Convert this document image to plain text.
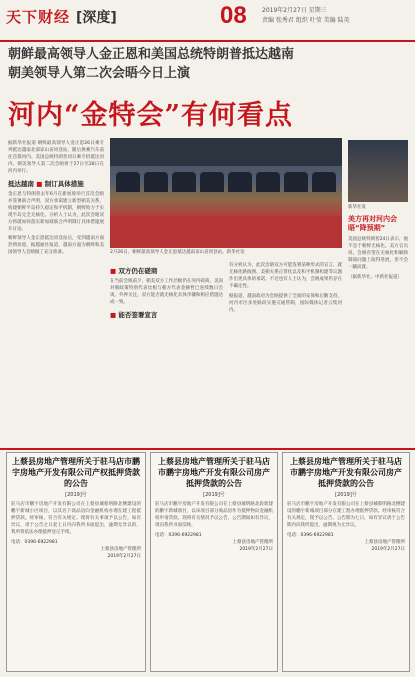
天下财经 [深度]	08	2019年2月27日 星期三
责编 张秀君 组织 叶莹 美编 陆英
朝鲜最高领导人金正恩和美国总统特朗普抵达越南
朝美领导人第二次会晤今日上演
河内“金特会”有何看点
据新华社报道 朝鲜最高领导人金正恩26日乘专列抵达越南北部谅山省同登站，随后换乘汽车前往首都河内。美国总统特朗普同日乘专机抵达河内。朝美领导人第二次会晤将于27日至28日在河内举行。
抵达越南 ■ 制订具体措施
金正恩与特朗普去年6月在新加坡举行首次会晤并签署联合声明，双方承诺建立新型朝美关系，构建朝鲜半岛持久稳定和平机制，朝鲜致力于实现半岛完全无核化。分析人士认为，此次会晤双方将就如何落实新加坡联合声明制订具体措施展开讨论。
朝鲜领导人金正恩抵达同登站后，受到越南方面热情欢迎。据越通社报道，越南方面为朝鲜和美国领导人会晤做了充分准备。	2月26日，朝鲜最高领导人金正恩抵达越南谅山省同登站。新华社发
新华社发
美方再对河内会晤“降预期”
美国总统特朗普24日表示，他不急于朝鲜无核化。美方官员说，会晤有望在无核化和解除制裁问题上取得进展，但不会一蹴而就。
（据新华社、中新社报道）
■ 双方仍在磋商
在当前会晤前夕，朝美双方工作层级仍在河内磋商。美国对朝政策特别代表比根与朝方代表金赫哲已连续数日会谈。外界关注，双方能否就无核化具体步骤和相应措施达成一致。
■ 能否签署宣言
有分析认为，此次会晤双方可能签署某种形式的宣言，就无核化路线图、美朝关系正常化以及和平机制构建等议题作出更具体的承诺。不过也有人士认为，会晤成果仍存在不确定性。
据报道，越南政府为会晤提供了全面的安保和后勤支持，河内市区多处路段实施交通管制，国际媒体记者云集河内。
上蔡县房地产管理所关于驻马店市鹏宇房地产开发有限公司产权抵押贷款的公告
[2019]号
驻马店市鹏宇房地产开发有限公司在上蔡县城蔡明路北侧建设的鹏宇新城小区项目，以其名下商品房向金融机构办理在建工程抵押贷款。经审核，符合有关规定。现将有关事项予以公告，如有异议，请于公告之日起七日内向我所书面提出，逾期无异议的，我所将依法办理抵押登记手续。
电话：0396-6922981
上蔡县房地产管理所
2019年2月27日
上蔡县房地产管理所关于驻马店市鹏宇房地产开发有限公司房产抵押贷款的公告
[2019]号
驻马店市鹏宇房地产开发有限公司在上蔡县城明路北段新建的鹏宇新城项目，以该项目部分商品房作为抵押物向金融机构申请贷款。现将有关情况予以公告，公告期间如有异议，请向我所书面反映。
电话：0396-6922981
上蔡县房地产管理所
2019年2月27日
上蔡县房地产管理所关于驻马店市鹏宇房地产开发有限公司房产抵押贷款的公告
[2019]号
驻马店市鹏宇房地产开发有限公司在上蔡县城蔡明路北侧建设的鹏宇新城项目部分在建工程办理抵押贷款。经审核符合有关规定，现予以公告。公告期为七日，如有异议请于公告期内向我所提出，逾期视为无异议。
电话：0396-6922981
上蔡县房地产管理所
2019年2月27日
